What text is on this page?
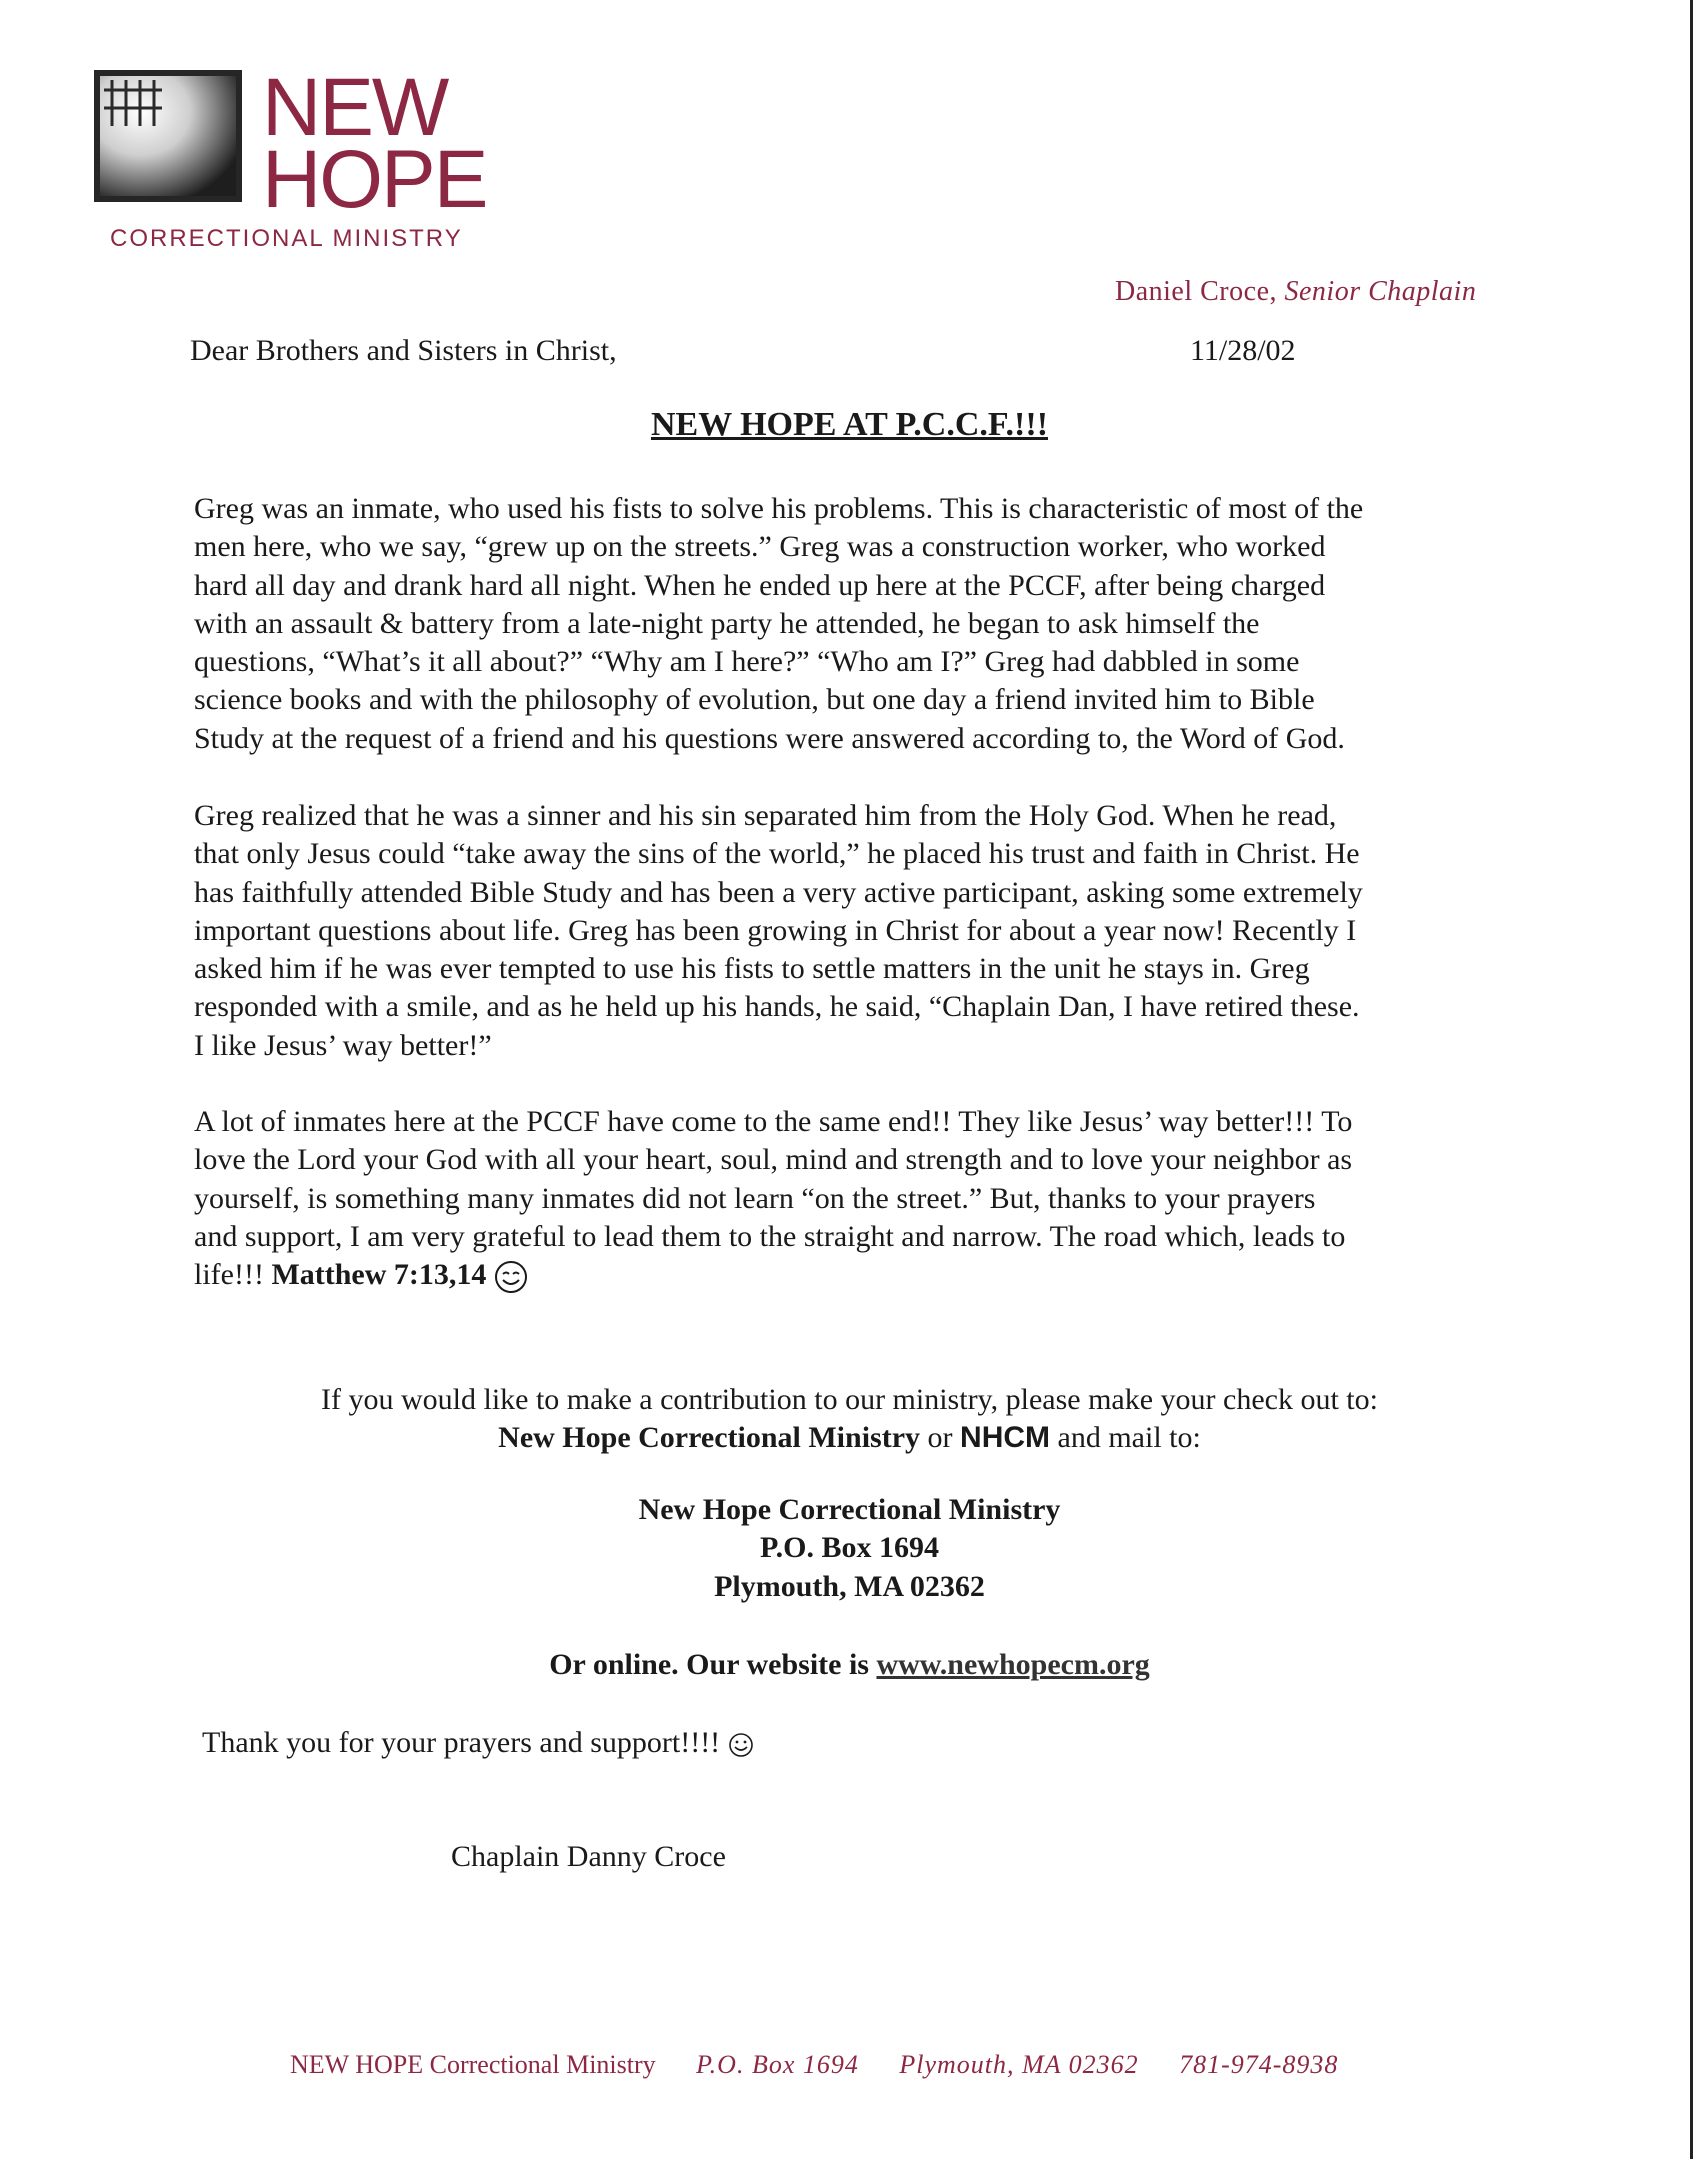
NEW
HOPE
CORRECTIONAL MINISTRY
Daniel Croce, Senior Chaplain
Dear Brothers and Sisters in Christ,	11/28/02
NEW HOPE AT P.C.C.F.!!!
Greg was an inmate, who used his fists to solve his problems. This is characteristic of most of the
men here, who we say, “grew up on the streets.” Greg was a construction worker, who worked
hard all day and drank hard all night. When he ended up here at the PCCF, after being charged
with an assault & battery from a late-night party he attended, he began to ask himself the
questions, “What’s it all about?” “Why am I here?” “Who am I?” Greg had dabbled in some
science books and with the philosophy of evolution, but one day a friend invited him to Bible
Study at the request of a friend and his questions were answered according to, the Word of God.
Greg realized that he was a sinner and his sin separated him from the Holy God. When he read,
that only Jesus could “take away the sins of the world,” he placed his trust and faith in Christ. He
has faithfully attended Bible Study and has been a very active participant, asking some extremely
important questions about life. Greg has been growing in Christ for about a year now! Recently I
asked him if he was ever tempted to use his fists to settle matters in the unit he stays in. Greg
responded with a smile, and as he held up his hands, he said, “Chaplain Dan, I have retired these.
I like Jesus’ way better!”
A lot of inmates here at the PCCF have come to the same end!! They like Jesus’ way better!!! To
love the Lord your God with all your heart, soul, mind and strength and to love your neighbor as
yourself, is something many inmates did not learn “on the street.” But, thanks to your prayers
and support, I am very grateful to lead them to the straight and narrow. The road which, leads to
life!!! Matthew 7:13,14
If you would like to make a contribution to our ministry, please make your check out to:
New Hope Correctional Ministry or NHCM and mail to:
New Hope Correctional Ministry
P.O. Box 1694
Plymouth, MA 02362
Or online. Our website is www.newhopecm.org
Thank you for your prayers and support!!!!
Chaplain Danny Croce
NEW HOPE Correctional Ministry P.O. Box 1694 Plymouth, MA 02362 781-974-8938
